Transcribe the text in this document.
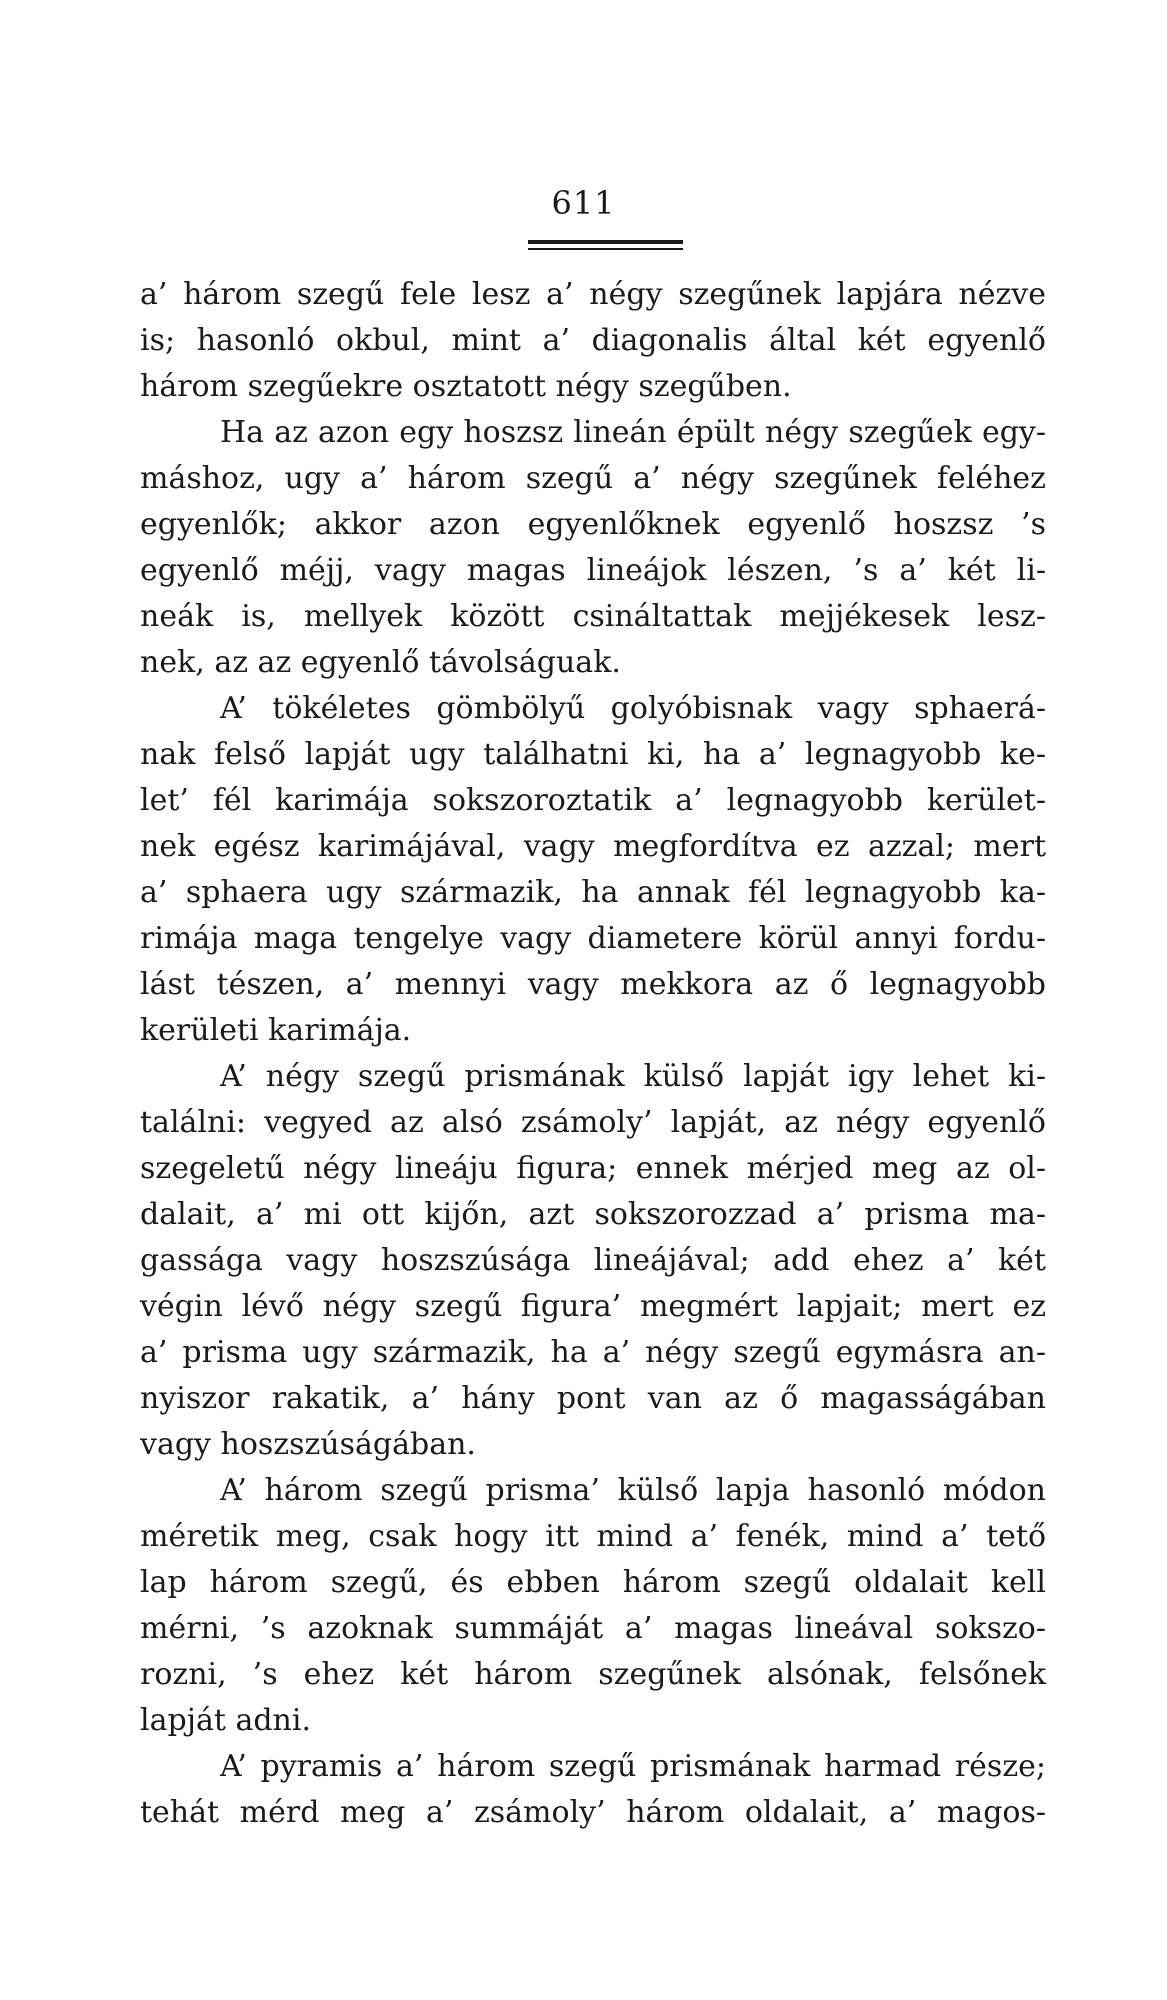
611
a’ három szegű fele lesz a’ négy szegűnek lapjára nézve
is; hasonló okbul, mint a’ diagonalis által két egyenlő
három szegűekre osztatott négy szegűben.
Ha az azon egy hoszsz lineán épült négy szegűek egy-
máshoz, ugy a’ három szegű a’ négy szegűnek feléhez
egyenlők; akkor azon egyenlőknek egyenlő hoszsz ’s
egyenlő méjj, vagy magas lineájok lészen, ’s a’ két li-
neák is, mellyek között csináltattak mejjékesek lesz-
nek, az az egyenlő távolságuak.
A’ tökéletes gömbölyű golyóbisnak vagy sphaerá-
nak felső lapját ugy találhatni ki, ha a’ legnagyobb ke-
let’ fél karimája sokszoroztatik a’ legnagyobb kerület-
nek egész karimájával, vagy megfordítva ez azzal; mert
a’ sphaera ugy származik, ha annak fél legnagyobb ka-
rimája maga tengelye vagy diametere körül annyi fordu-
lást tészen, a’ mennyi vagy mekkora az ő legnagyobb
kerületi karimája.
A’ négy szegű prismának külső lapját igy lehet ki-
találni: vegyed az alsó zsámoly’ lapját, az négy egyenlő
szegeletű négy lineáju figura; ennek mérjed meg az ol-
dalait, a’ mi ott kijőn, azt sokszorozzad a’ prisma ma-
gassága vagy hoszszúsága lineájával; add ehez a’ két
végin lévő négy szegű figura’ megmért lapjait; mert ez
a’ prisma ugy származik, ha a’ négy szegű egymásra an-
nyiszor rakatik, a’ hány pont van az ő magasságában
vagy hoszszúságában.
A’ három szegű prisma’ külső lapja hasonló módon
méretik meg, csak hogy itt mind a’ fenék, mind a’ tető
lap három szegű, és ebben három szegű oldalait kell
mérni, ’s azoknak summáját a’ magas lineával sokszo-
rozni, ’s ehez két három szegűnek alsónak, felsőnek
lapját adni.
A’ pyramis a’ három szegű prismának harmad része;
tehát mérd meg a’ zsámoly’ három oldalait, a’ magos-
